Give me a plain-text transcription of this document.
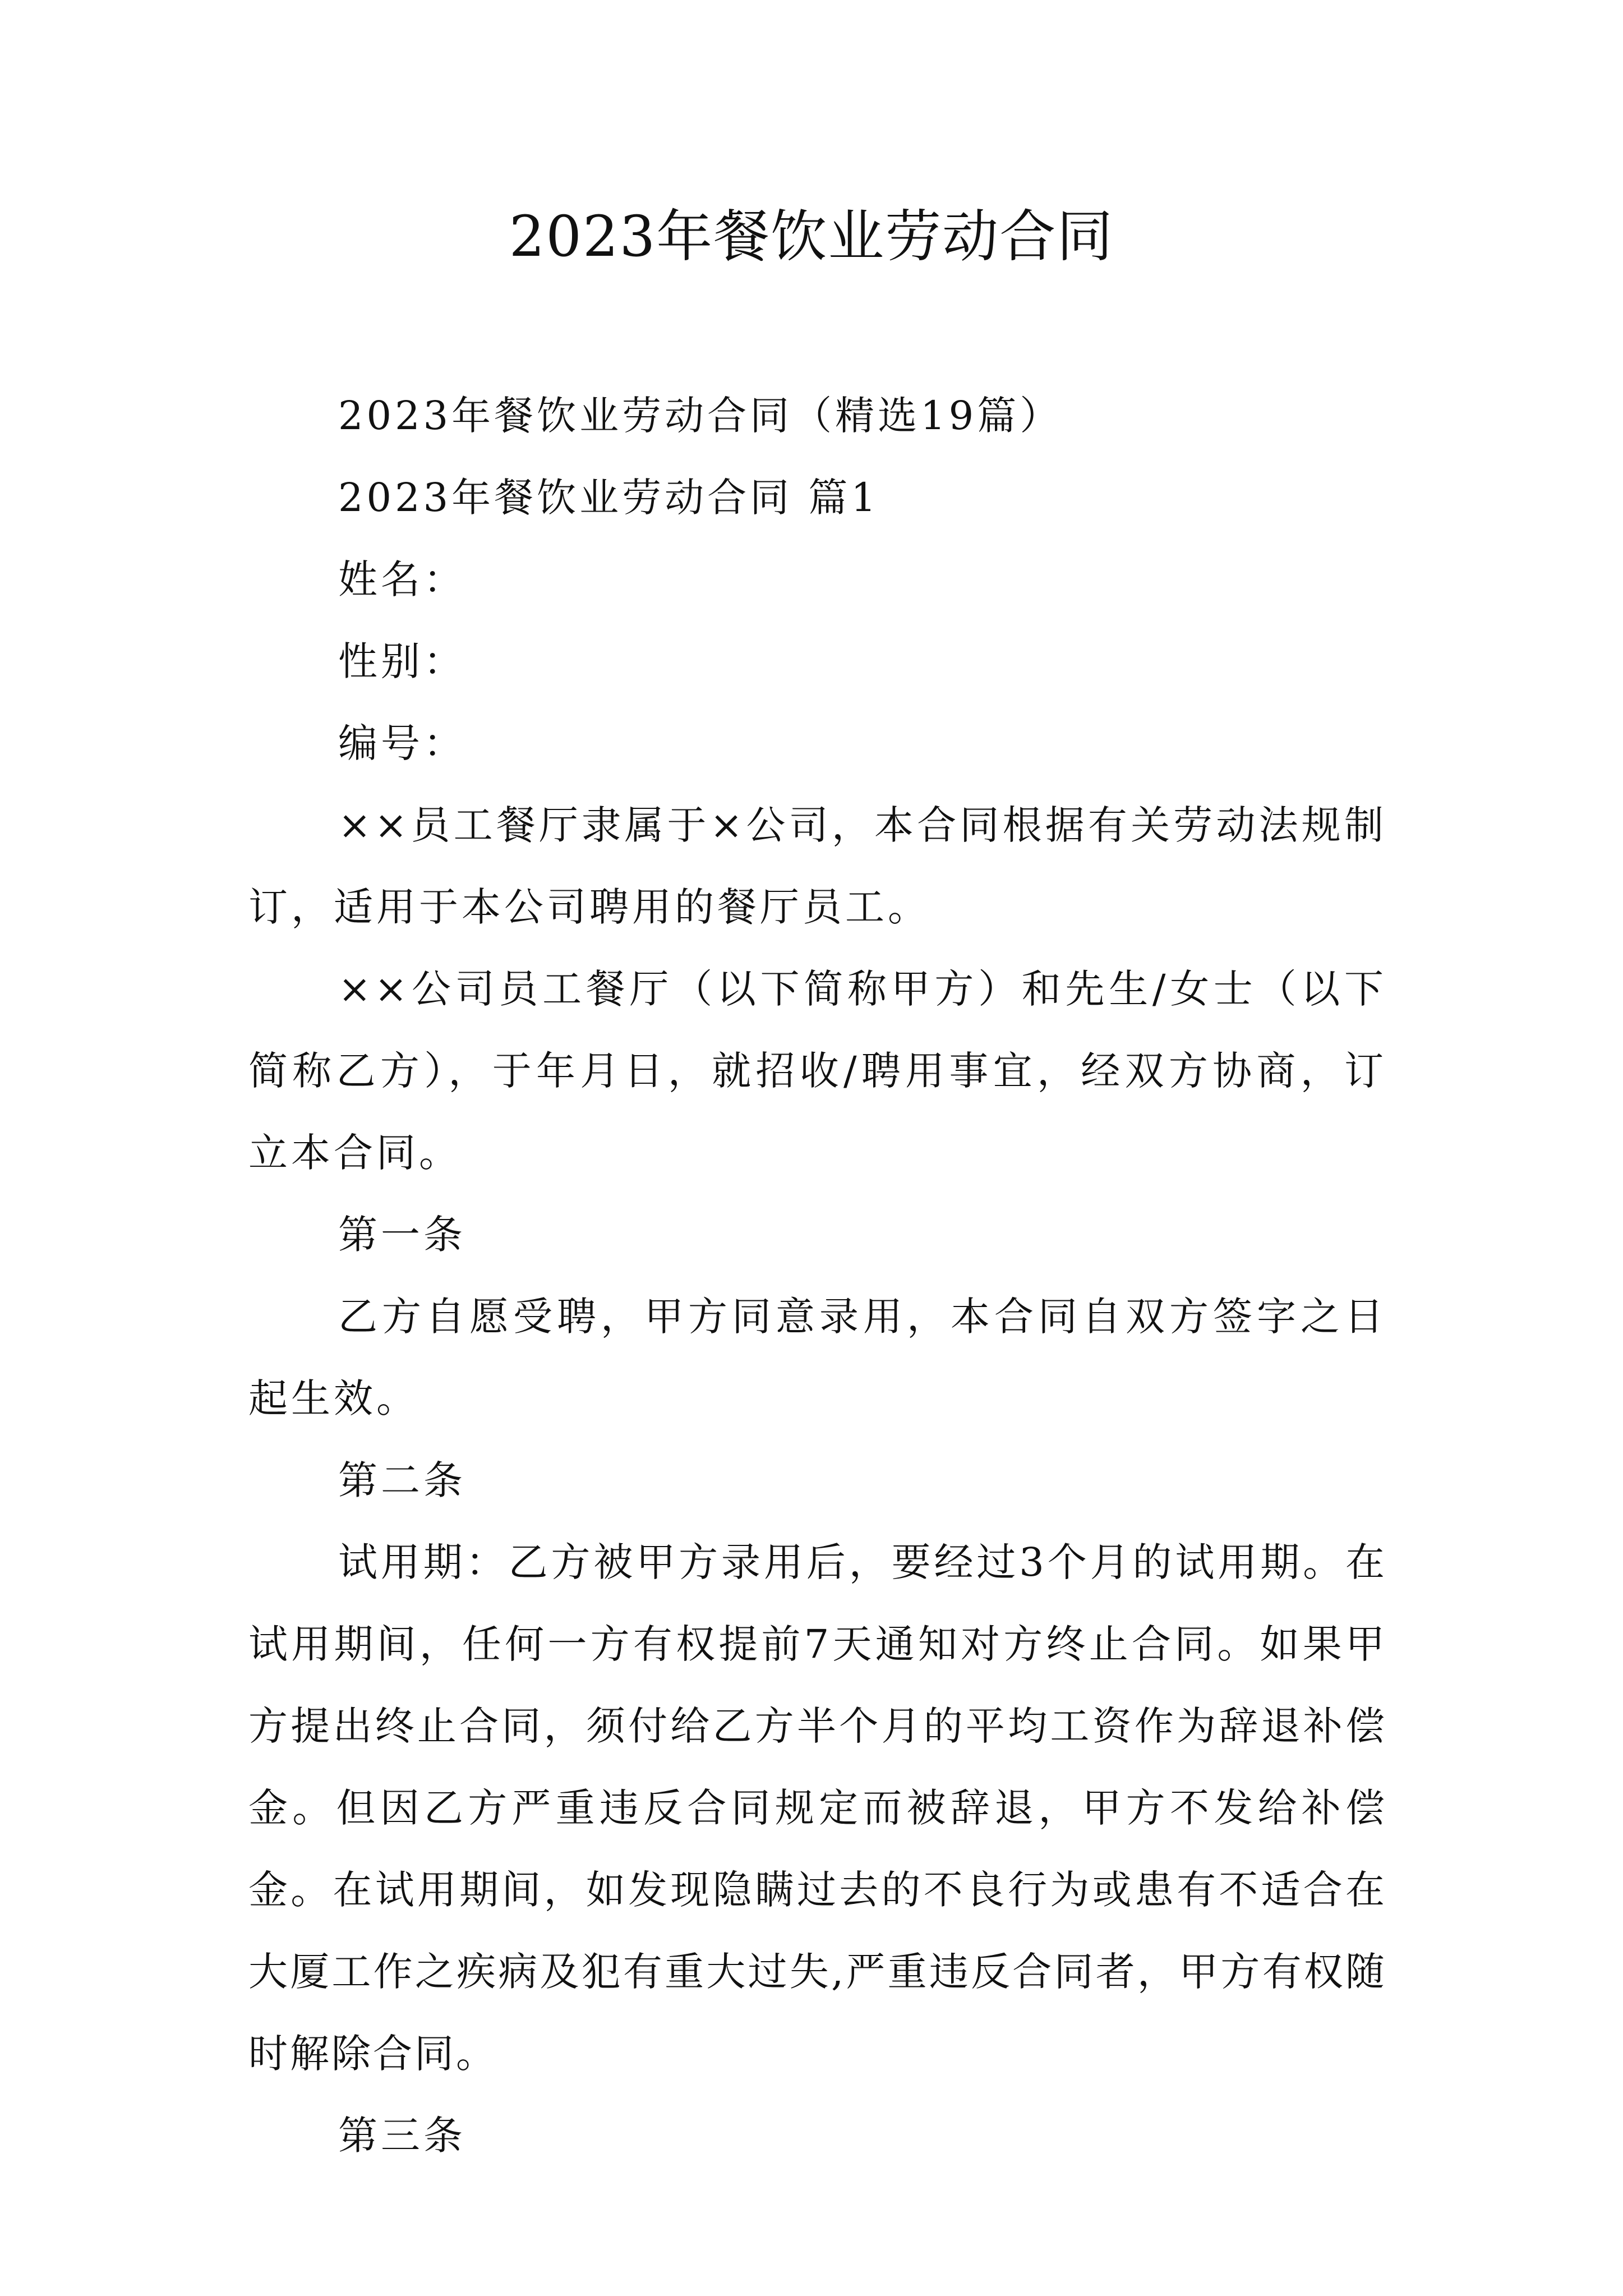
2023年餐饮业劳动合同

2023年餐饮业劳动合同（精选19篇）

2023年餐饮业劳动合同 篇1

姓名：

性别：

编号：

××员工餐厅隶属于×公司，本合同根据有关劳动法规制订，适用于本公司聘用的餐厅员工。

××公司员工餐厅（以下简称甲方）和先生/女士（以下简称乙方），于年月日，就招收/聘用事宜，经双方协商，订立本合同。

第一条

乙方自愿受聘，甲方同意录用，本合同自双方签字之日起生效。

第二条

试用期：乙方被甲方录用后，要经过3个月的试用期。在试用期间，任何一方有权提前7天通知对方终止合同。如果甲方提出终止合同，须付给乙方半个月的平均工资作为辞退补偿金。但因乙方严重违反合同规定而被辞退，甲方不发给补偿金。在试用期间，如发现隐瞒过去的不良行为或患有不适合在大厦工作之疾病及犯有重大过失,严重违反合同者，甲方有权随时解除合同。

第三条
